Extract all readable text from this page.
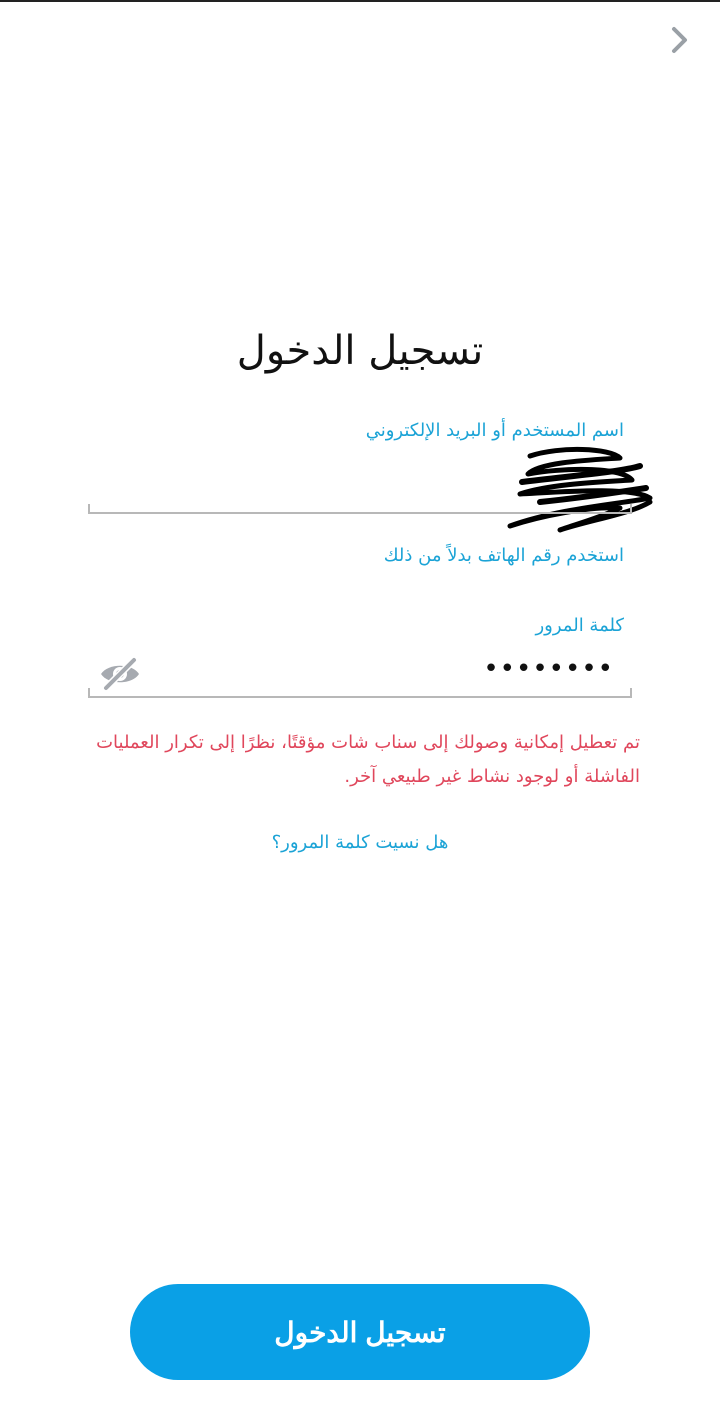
تسجيل الدخول
اسم المستخدم أو البريد الإلكتروني
استخدم رقم الهاتف بدلاً من ذلك
كلمة المرور
••••••••
تم تعطيل إمكانية وصولك إلى سناب شات مؤقتًا، نظرًا إلى تكرار العمليات الفاشلة أو لوجود نشاط غير طبيعي آخر.
هل نسيت كلمة المرور؟
تسجيل الدخول
